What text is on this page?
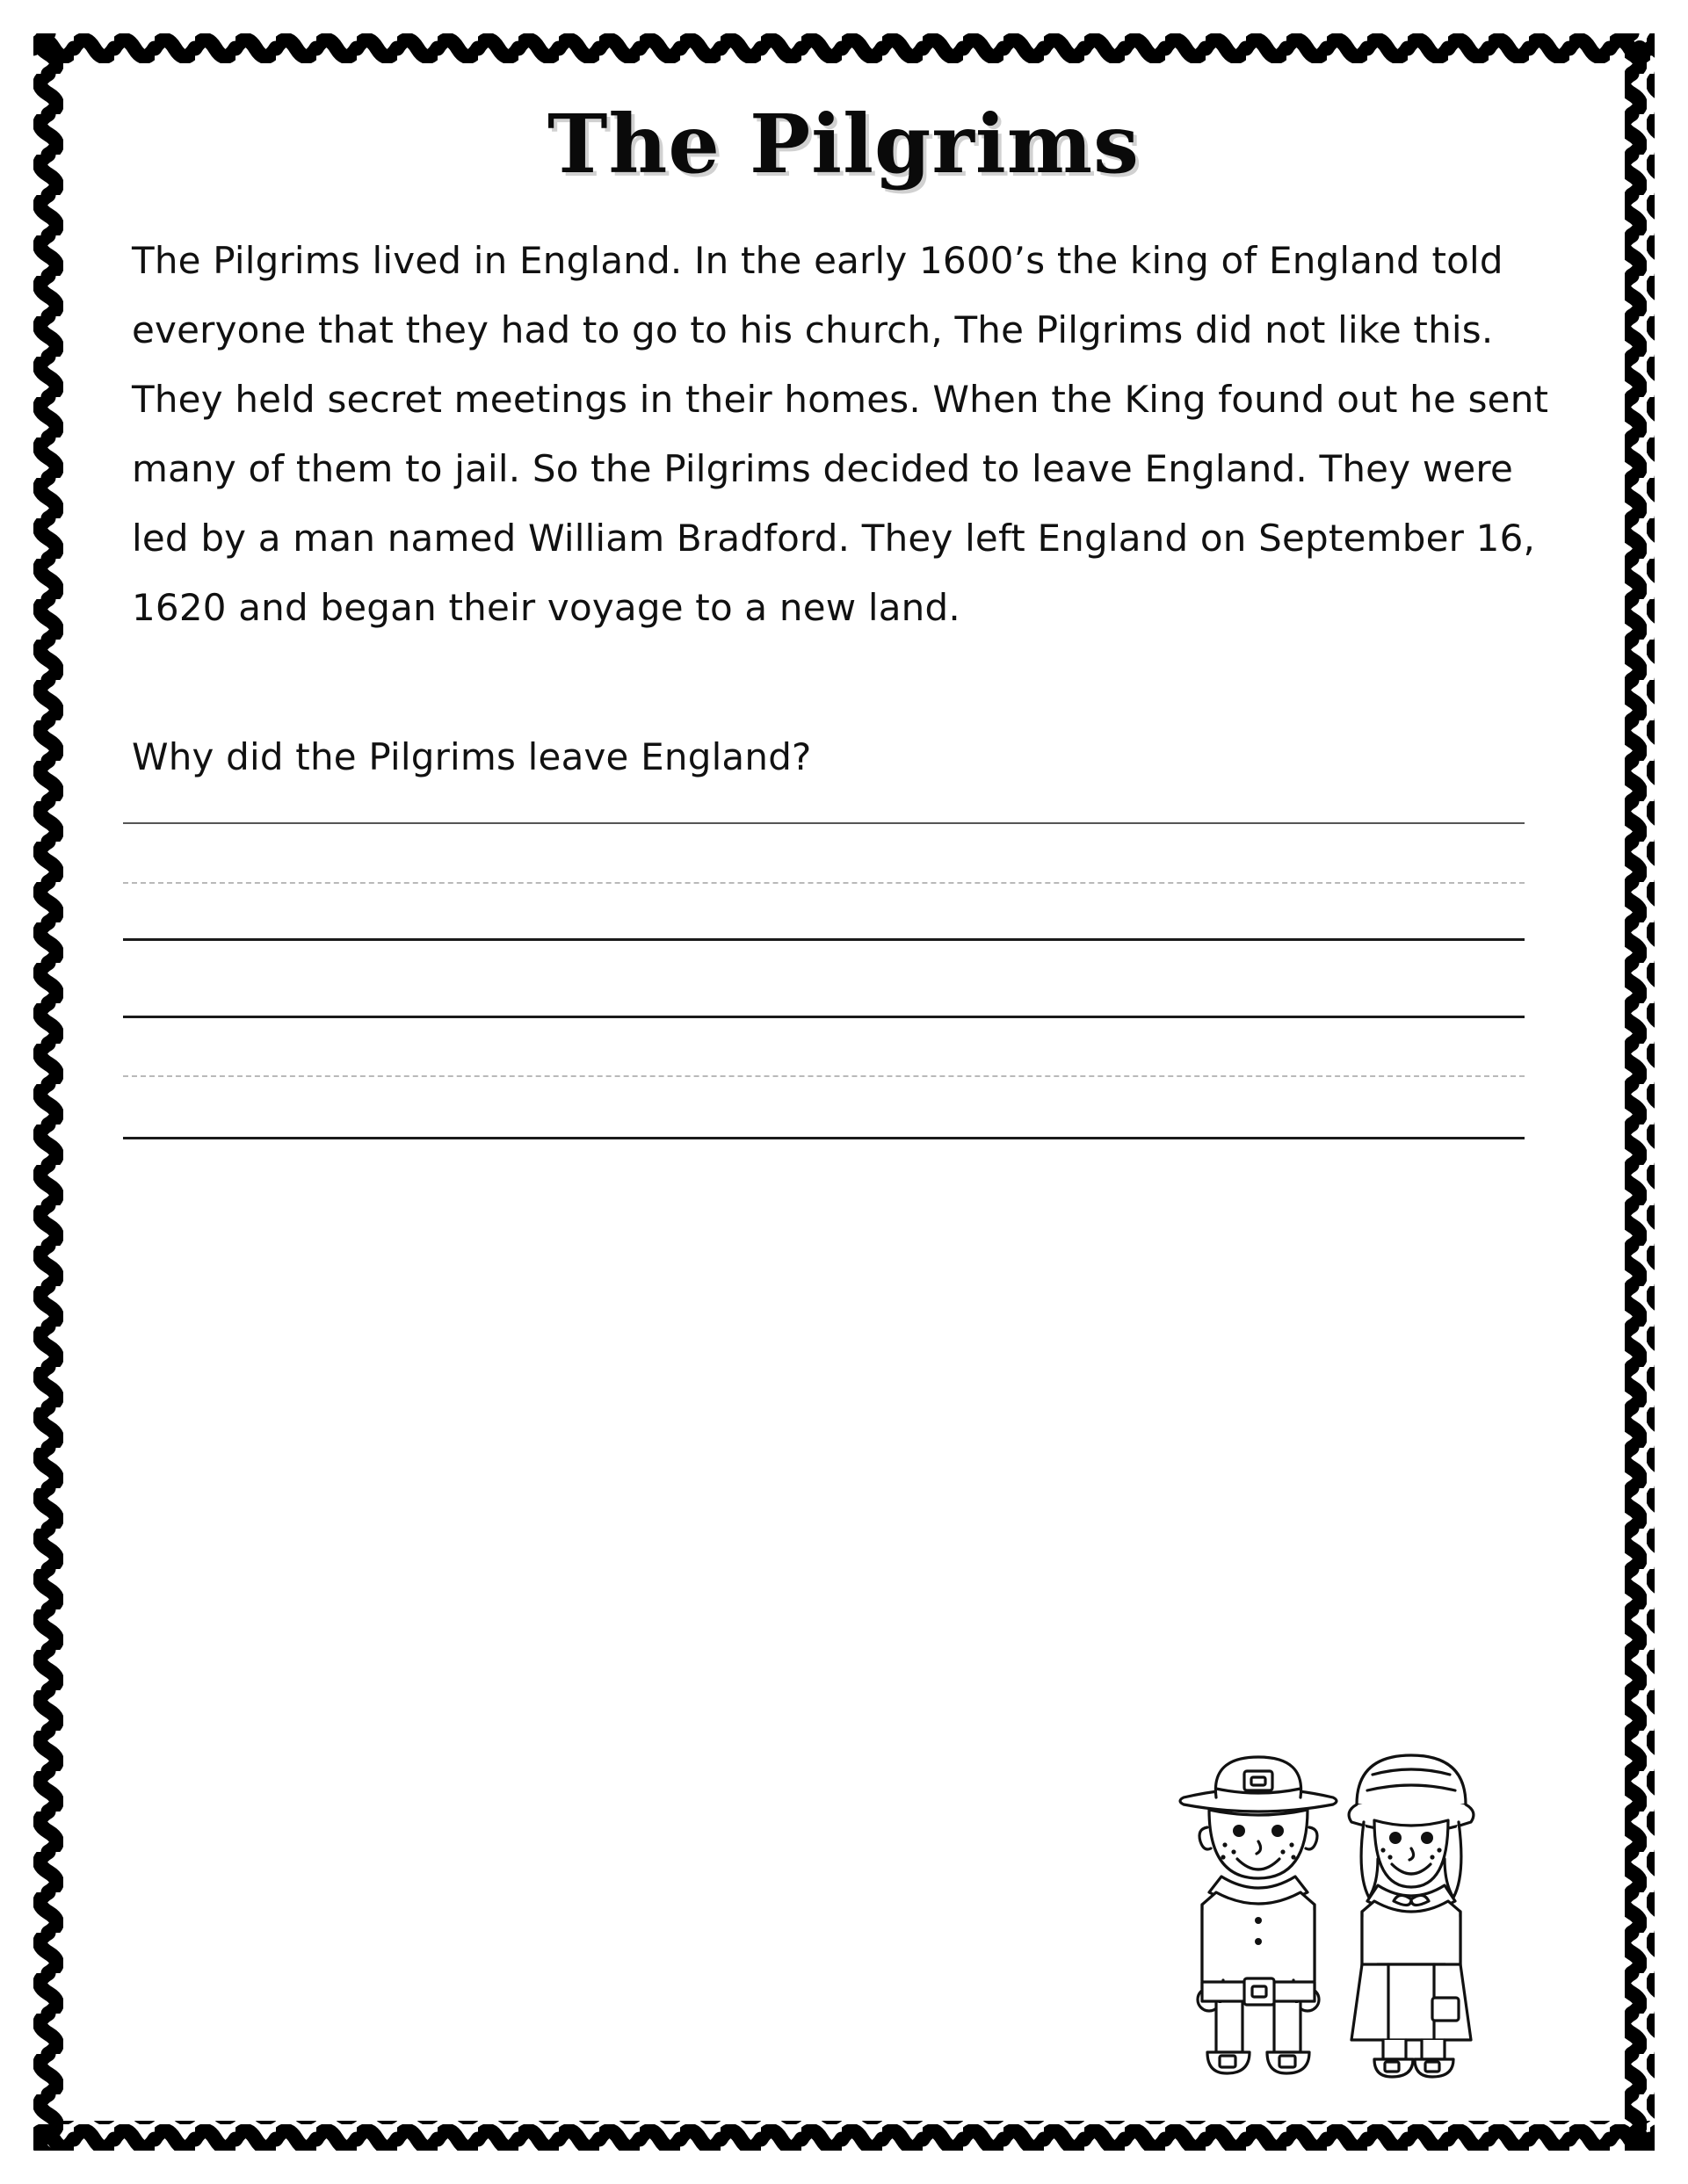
The Pilgrims

The Pilgrims lived in England. In the early 1600’s the king of England told everyone that they had to go to his church, The Pilgrims did not like this. They held secret meetings in their homes. When the King found out he sent many of them to jail. So the Pilgrims decided to leave England. They were led by a man named William Bradford. They left England on September 16, 1620 and began their voyage to a new land.

Why did the Pilgrims leave England?
